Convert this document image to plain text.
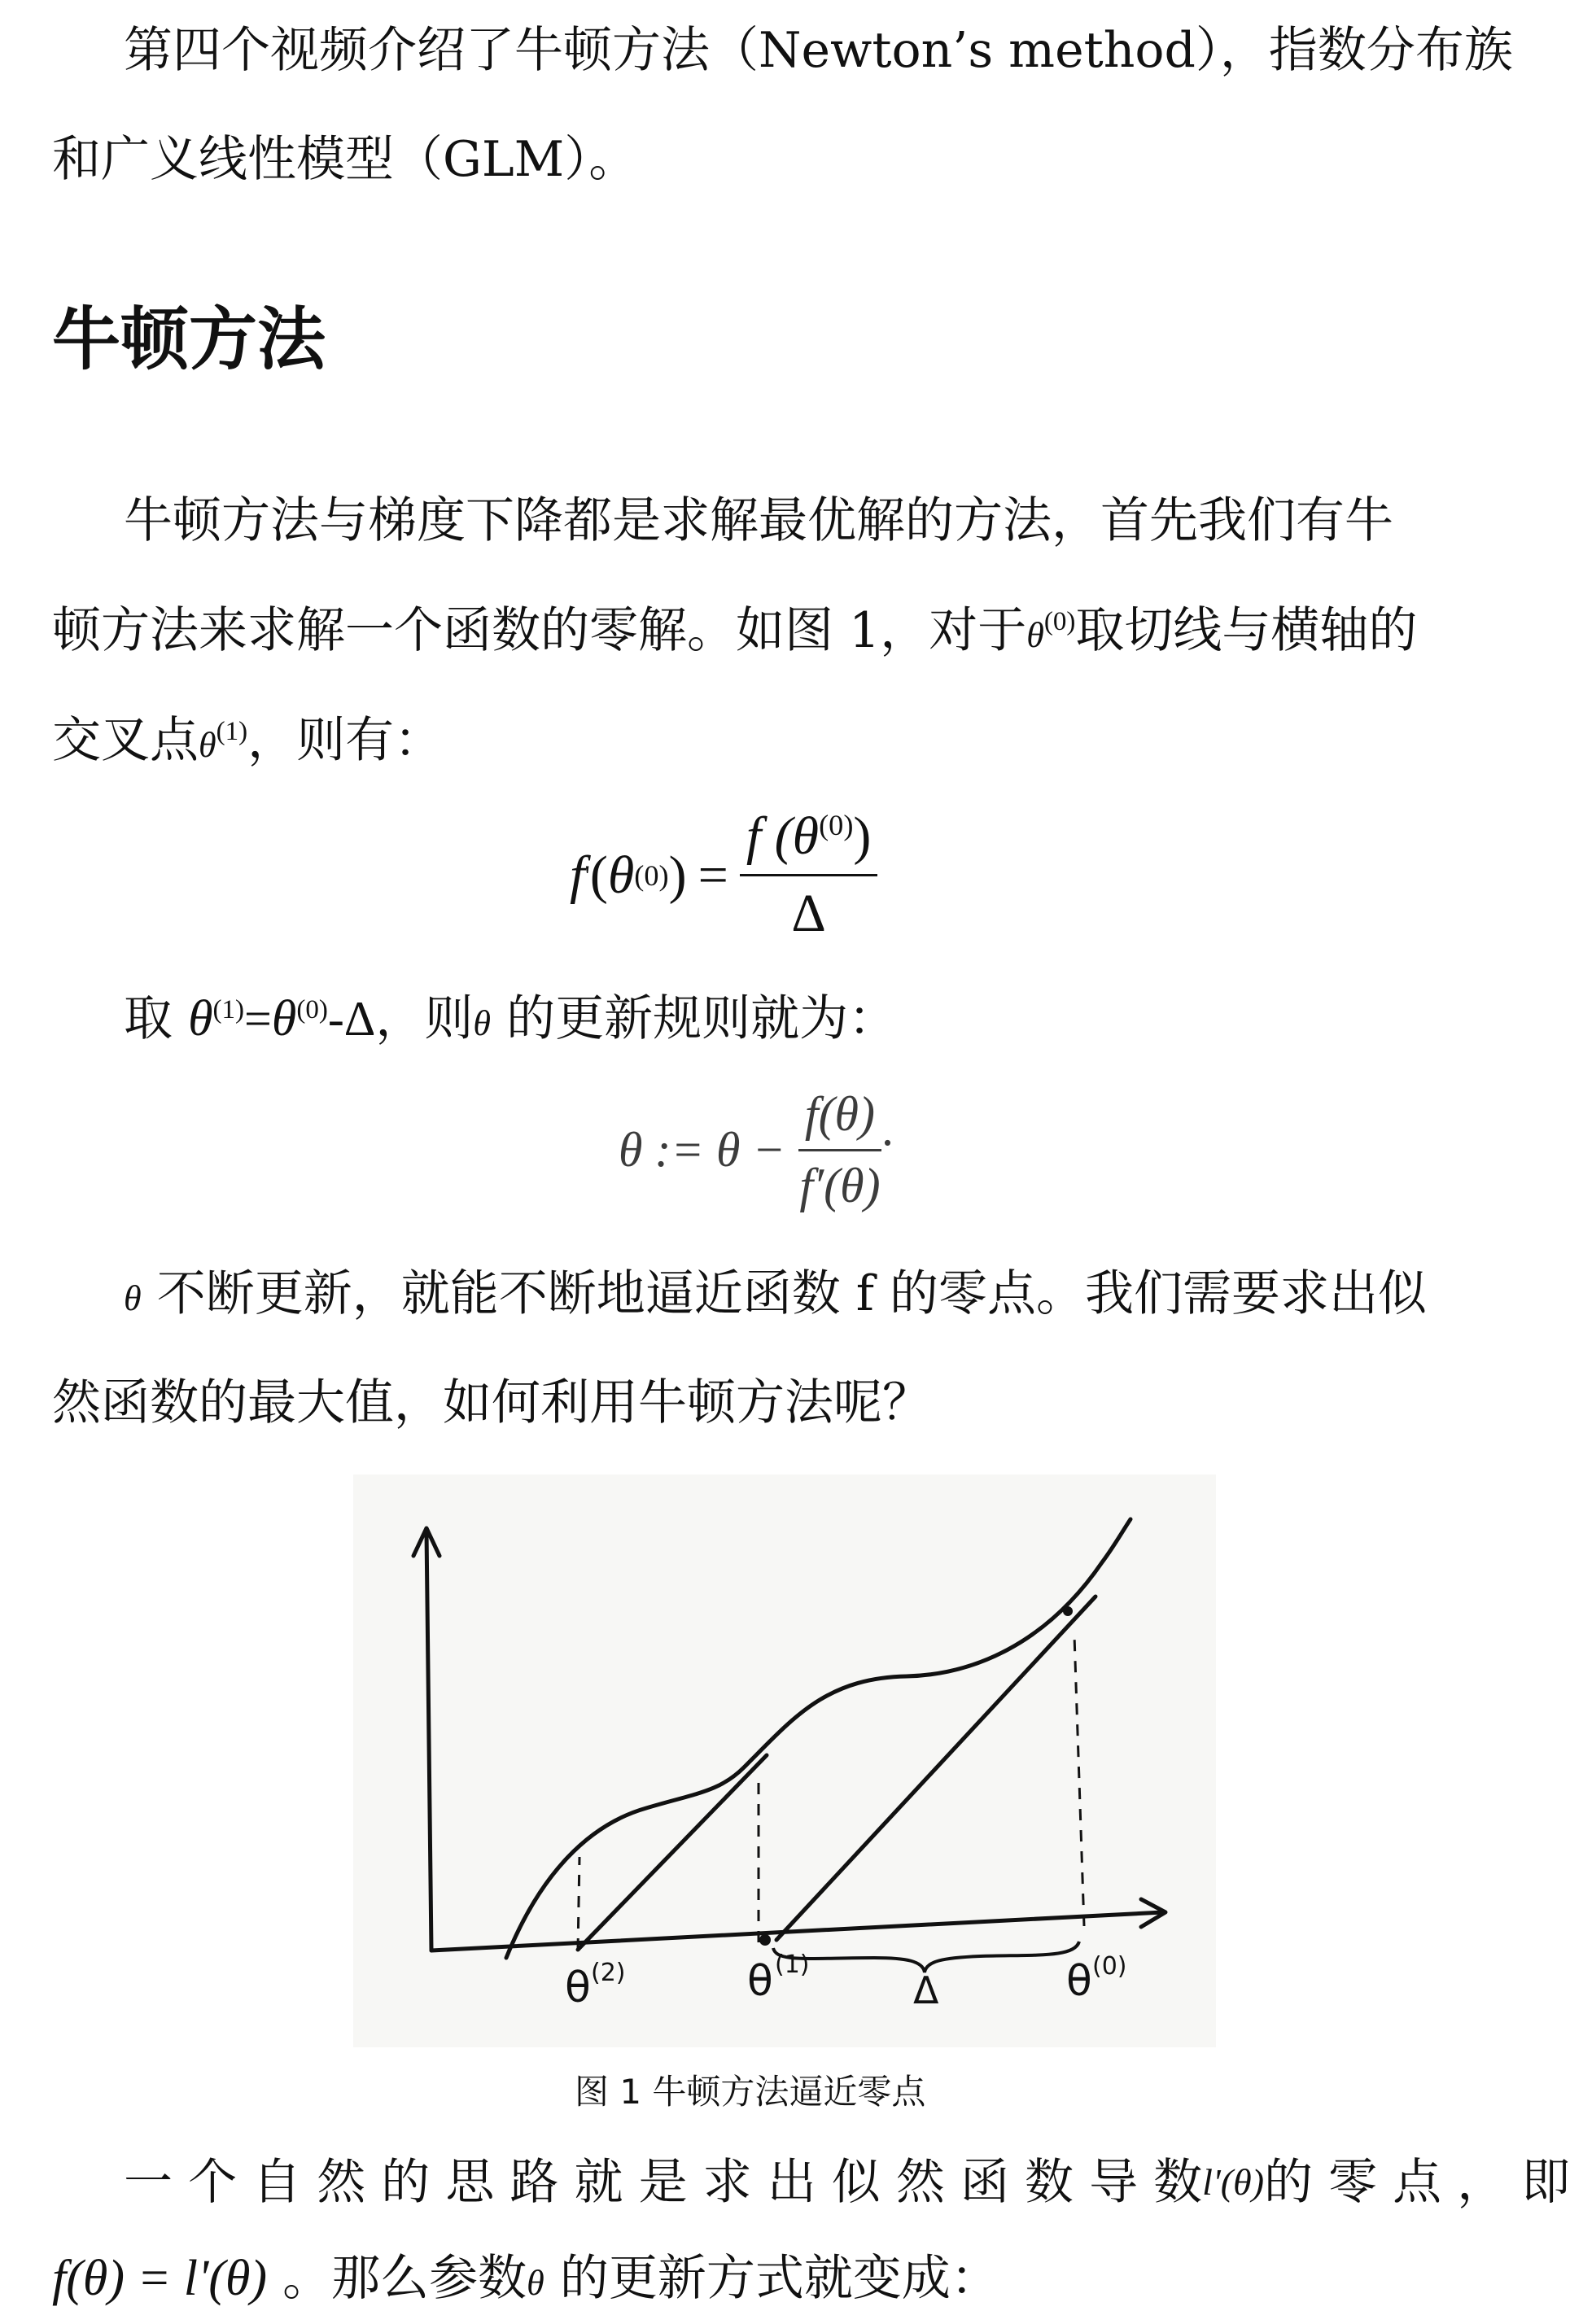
第四个视频介绍了牛顿方法（Newton’s method），指数分布族
和广义线性模型（GLM）。
牛顿方法
牛顿方法与梯度下降都是求解最优解的方法，首先我们有牛
顿方法来求解一个函数的零解。如图 1，对于$\theta^{(0)}$取切线与横轴的
交叉点$\theta^{(1)}$，则有：
f ' ( θ (0) ) = $\frac{f (\theta^{(0)})}{\Delta}$
取 $\theta^{(1)}=\theta^{(0)}-\Delta$，则θ 的更新规则就为：
θ := $\theta - \frac{f(\theta)}{f'(\theta)}$ .
θ 不断更新，就能不断地逼近函数 f 的零点。我们需要求出似
然函数的最大值，如何利用牛顿方法呢？
θ (2)	θ (1)
Δ	θ (0)
图 1 牛顿方法逼近零点
一 个 自 然 的 思 路 就 是 求 出 似 然 函 数 导 数 l'(θ) 的 零 点 ， 即
f(θ) = l'(θ) 。那么参数θ 的更新方式就变成：
